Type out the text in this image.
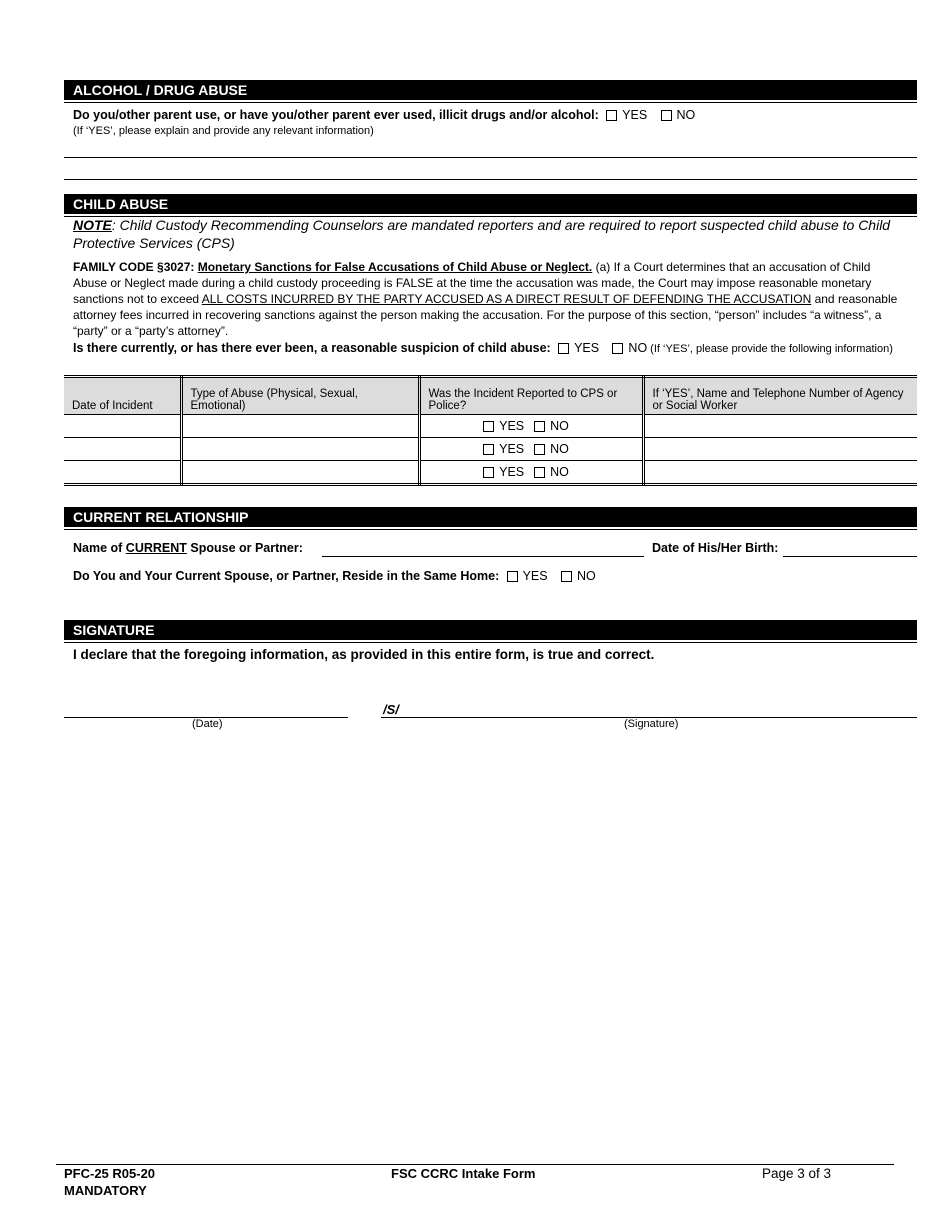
ALCOHOL / DRUG ABUSE
Do you/other parent use, or have you/other parent ever used, illicit drugs and/or alcohol: YES NO
(If ‘YES’, please explain and provide any relevant information)
CHILD ABUSE
NOTE: Child Custody Recommending Counselors are mandated reporters and are required to report suspected child abuse to Child Protective Services (CPS)
FAMILY CODE §3027: Monetary Sanctions for False Accusations of Child Abuse or Neglect. (a) If a Court determines that an accusation of Child Abuse or Neglect made during a child custody proceeding is FALSE at the time the accusation was made, the Court may impose reasonable monetary sanctions not to exceed ALL COSTS INCURRED BY THE PARTY ACCUSED AS A DIRECT RESULT OF DEFENDING THE ACCUSATION and reasonable attorney fees incurred in recovering sanctions against the person making the accusation. For the purpose of this section, “person” includes “a witness”, a “party” or a “party’s attorney”.
Is there currently, or has there ever been, a reasonable suspicion of child abuse: YES NO (If ‘YES’, please provide the following information)
Date of Incident	Type of Abuse (Physical, Sexual, Emotional)	Was the Incident Reported to CPS or Police?	If ‘YES’, Name and Telephone Number of Agency or Social Worker
		YES NO	
		YES NO	
		YES NO	
CURRENT RELATIONSHIP
Name of CURRENT Spouse or Partner:	Date of His/Her Birth:
Do You and Your Current Spouse, or Partner, Reside in the Same Home: YES NO
SIGNATURE
I declare that the foregoing information, as provided in this entire form, is true and correct.
/S/
(Date)	(Signature)
PFC-25 R05-20
MANDATORY
FSC CCRC Intake Form	Page 3 of 3
